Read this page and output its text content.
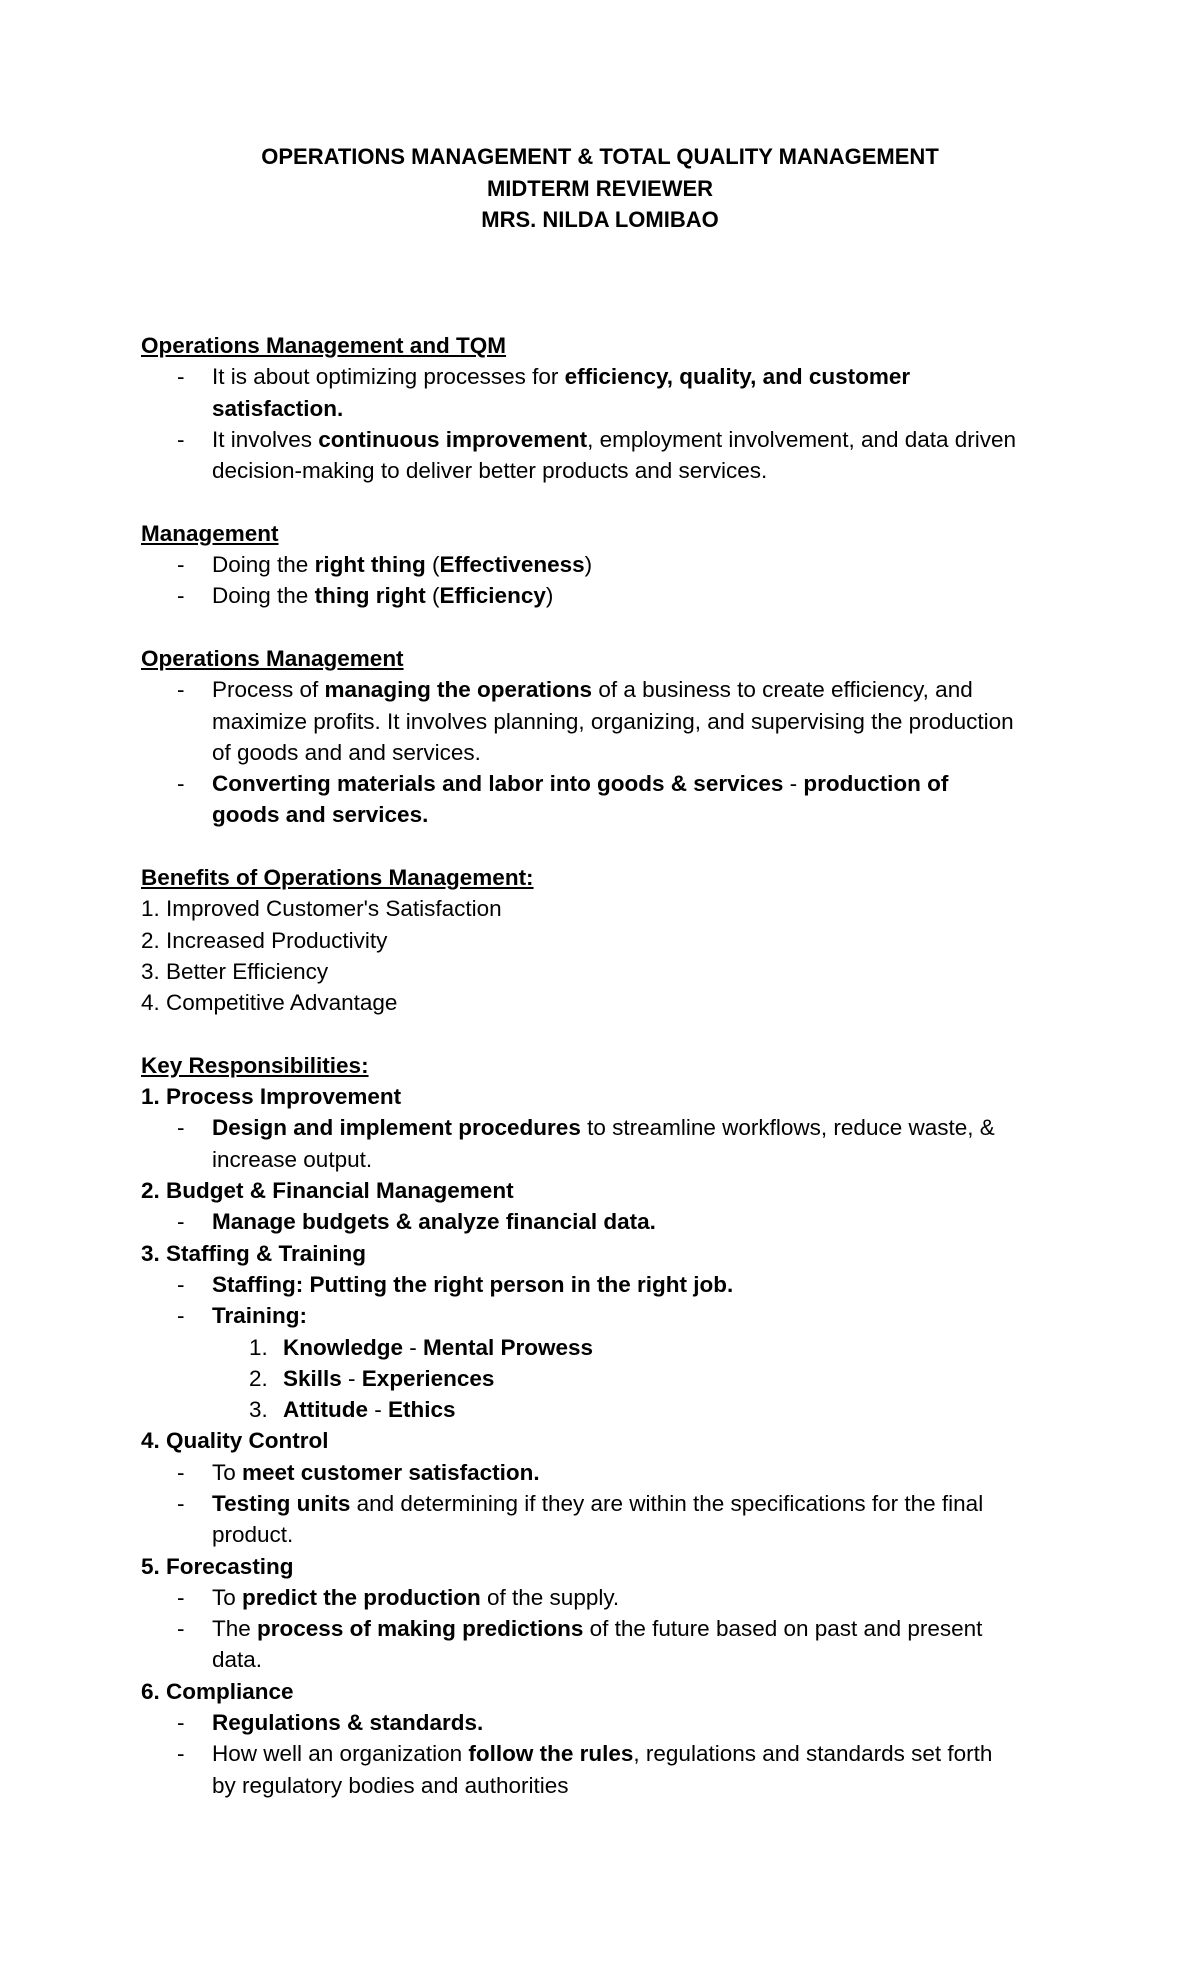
OPERATIONS MANAGEMENT & TOTAL QUALITY MANAGEMENT
MIDTERM REVIEWER
MRS. NILDA LOMIBAO
Operations Management and TQM
- It is about optimizing processes for efficiency, quality, and customer
satisfaction.
- It involves continuous improvement, employment involvement, and data driven
decision-making to deliver better products and services.
Management
- Doing the right thing (Effectiveness)
- Doing the thing right (Efficiency)
Operations Management
- Process of managing the operations of a business to create efficiency, and
maximize profits. It involves planning, organizing, and supervising the production
of goods and and services.
- Converting materials and labor into goods & services - production of
goods and services.
Benefits of Operations Management:
1. Improved Customer's Satisfaction
2. Increased Productivity
3. Better Efficiency
4. Competitive Advantage
Key Responsibilities:
1. Process Improvement
- Design and implement procedures to streamline workflows, reduce waste, &
increase output.
2. Budget & Financial Management
- Manage budgets & analyze financial data.
3. Staffing & Training
- Staffing: Putting the right person in the right job.
- Training:
1. Knowledge - Mental Prowess
2. Skills - Experiences
3. Attitude - Ethics
4. Quality Control
- To meet customer satisfaction.
- Testing units and determining if they are within the specifications for the final
product.
5. Forecasting
- To predict the production of the supply.
- The process of making predictions of the future based on past and present
data.
6. Compliance
- Regulations & standards.
- How well an organization follow the rules, regulations and standards set forth
by regulatory bodies and authorities
